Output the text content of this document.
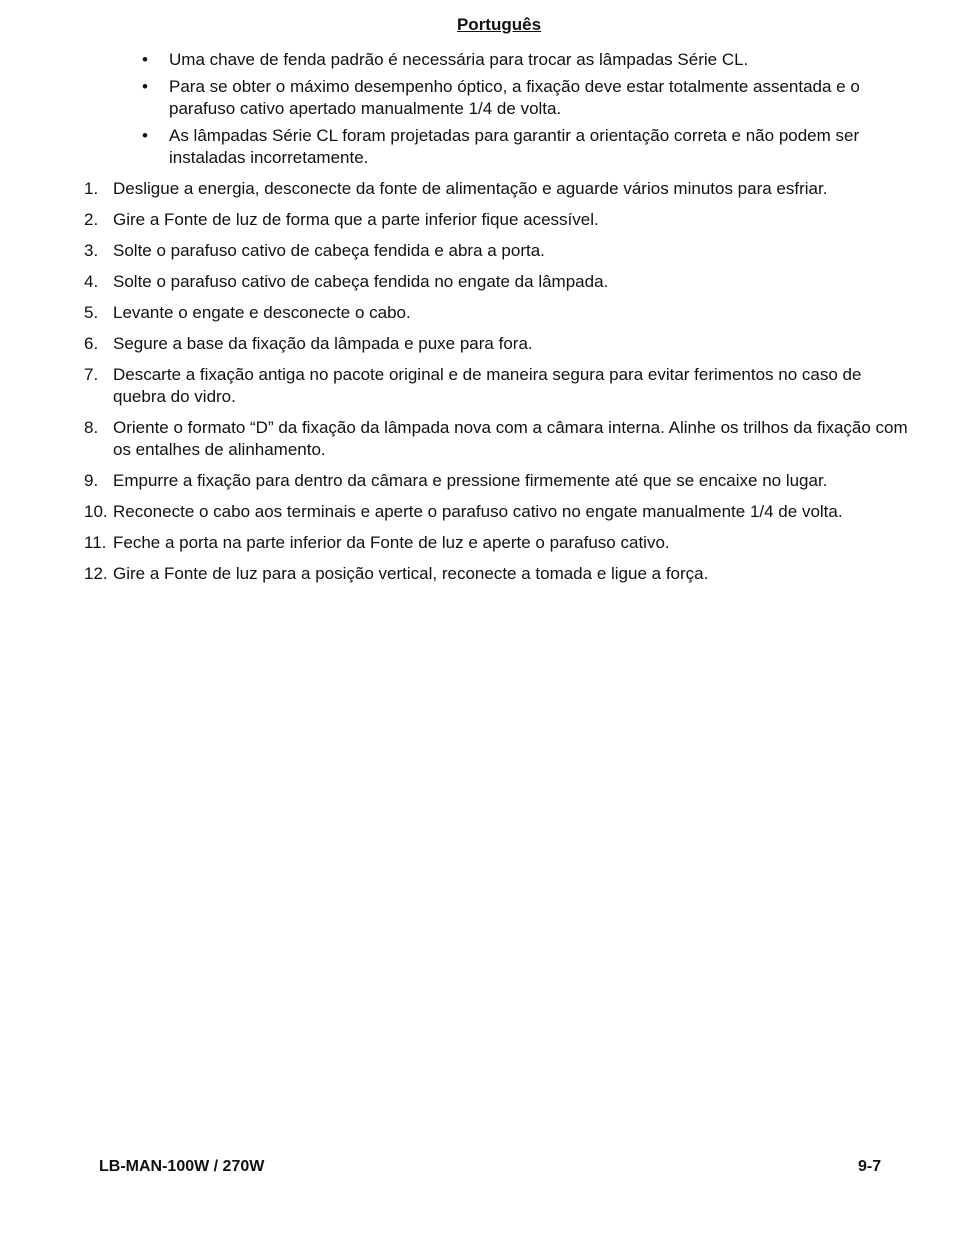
Português
• Uma chave de fenda padrão é necessária para trocar as lâmpadas Série CL.
• Para se obter o máximo desempenho óptico, a fixação deve estar totalmente assentada e o parafuso cativo apertado manualmente 1/4 de volta.
• As lâmpadas Série CL foram projetadas para garantir a orientação correta e não podem ser instaladas incorretamente.
1. Desligue a energia, desconecte da fonte de alimentação e aguarde vários minutos para esfriar.
2. Gire a Fonte de luz de forma que a parte inferior fique acessível.
3. Solte o parafuso cativo de cabeça fendida e abra a porta.
4. Solte o parafuso cativo de cabeça fendida no engate da lâmpada.
5. Levante o engate e desconecte o cabo.
6. Segure a base da fixação da lâmpada e puxe para fora.
7. Descarte a fixação antiga no pacote original e de maneira segura para evitar ferimentos no caso de quebra do vidro.
8. Oriente o formato “D” da fixação da lâmpada nova com a câmara interna. Alinhe os trilhos da fixação com os entalhes de alinhamento.
9. Empurre a fixação para dentro da câmara e pressione firmemente até que se encaixe no lugar.
10. Reconecte o cabo aos terminais e aperte o parafuso cativo no engate manualmente 1/4 de volta.
11. Feche a porta na parte inferior da Fonte de luz e aperte o parafuso cativo.
12. Gire a Fonte de luz para a posição vertical, reconecte a tomada e ligue a força.
LB-MAN-100W / 270W	9-7
